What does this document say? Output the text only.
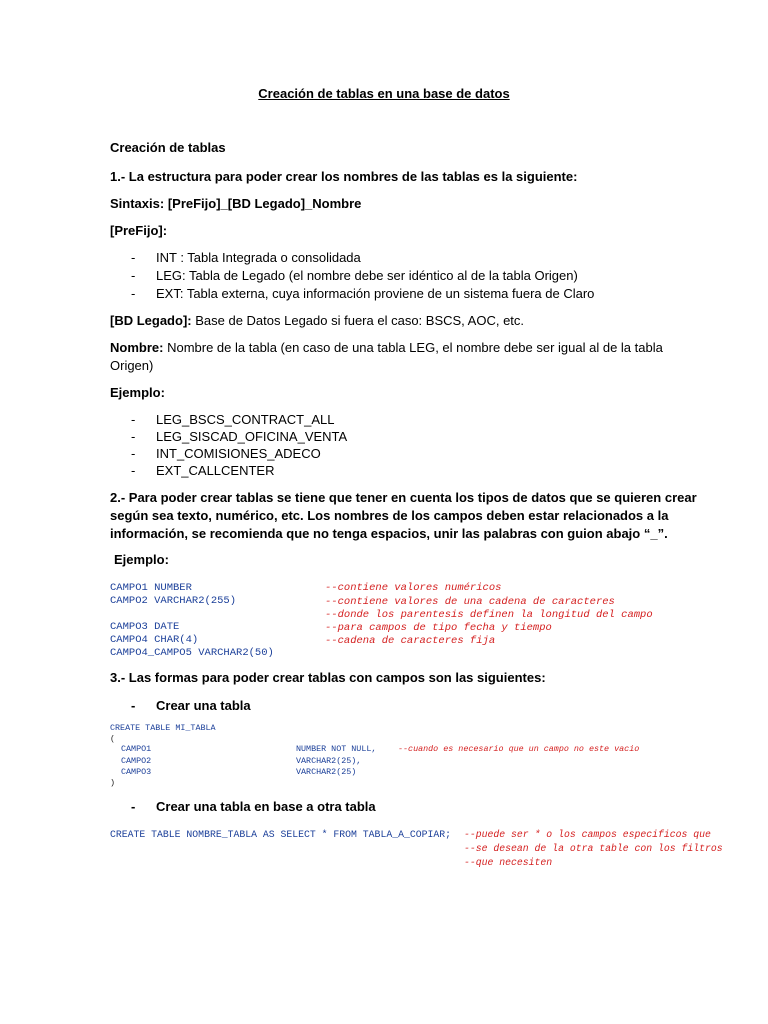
Creación de tablas en una base de datos
Creación de tablas
1.- La estructura para poder crear los nombres de las tablas es la siguiente:
Sintaxis: [PreFijo]_[BD Legado]_Nombre
[PreFijo]:
- INT : Tabla Integrada o consolidada
- LEG: Tabla de Legado (el nombre debe ser idéntico al de la tabla Origen)
- EXT: Tabla externa, cuya información proviene de un sistema fuera de Claro
[BD Legado]: Base de Datos Legado si fuera el caso: BSCS, AOC, etc.
Nombre: Nombre de la tabla (en caso de una tabla LEG, el nombre debe ser igual al de la tabla
Origen)
Ejemplo:
- LEG_BSCS_CONTRACT_ALL
- LEG_SISCAD_OFICINA_VENTA
- INT_COMISIONES_ADECO
- EXT_CALLCENTER
2.- Para poder crear tablas se tiene que tener en cuenta los tipos de datos que se quieren crear
según sea texto, numérico, etc. Los nombres de los campos deben estar relacionados a la
información, se recomienda que no tenga espacios, unir las palabras con guion abajo “_”.
Ejemplo:
CAMPO1 NUMBER
CAMPO2 VARCHAR2(255)
CAMPO3 DATE
CAMPO4 CHAR(4)
CAMPO4_CAMPO5 VARCHAR2(50)
--contiene valores numéricos
--contiene valores de una cadena de caracteres
--donde los parentesis definen la longitud del campo
--para campos de tipo fecha y tiempo
--cadena de caracteres fija
3.- Las formas para poder crear tablas con campos son las siguientes:
- Crear una tabla
CREATE TABLE MI_TABLA
(
CAMPO1
CAMPO2
CAMPO3
NUMBER NOT NULL,
VARCHAR2(25),
VARCHAR2(25)
--cuando es necesario que un campo no este vacio
)
- Crear una tabla en base a otra tabla
CREATE TABLE NOMBRE_TABLA AS SELECT * FROM TABLA_A_COPIAR; --puede ser * o los campos especificos que
--se desean de la otra table con los filtros
--que necesiten
